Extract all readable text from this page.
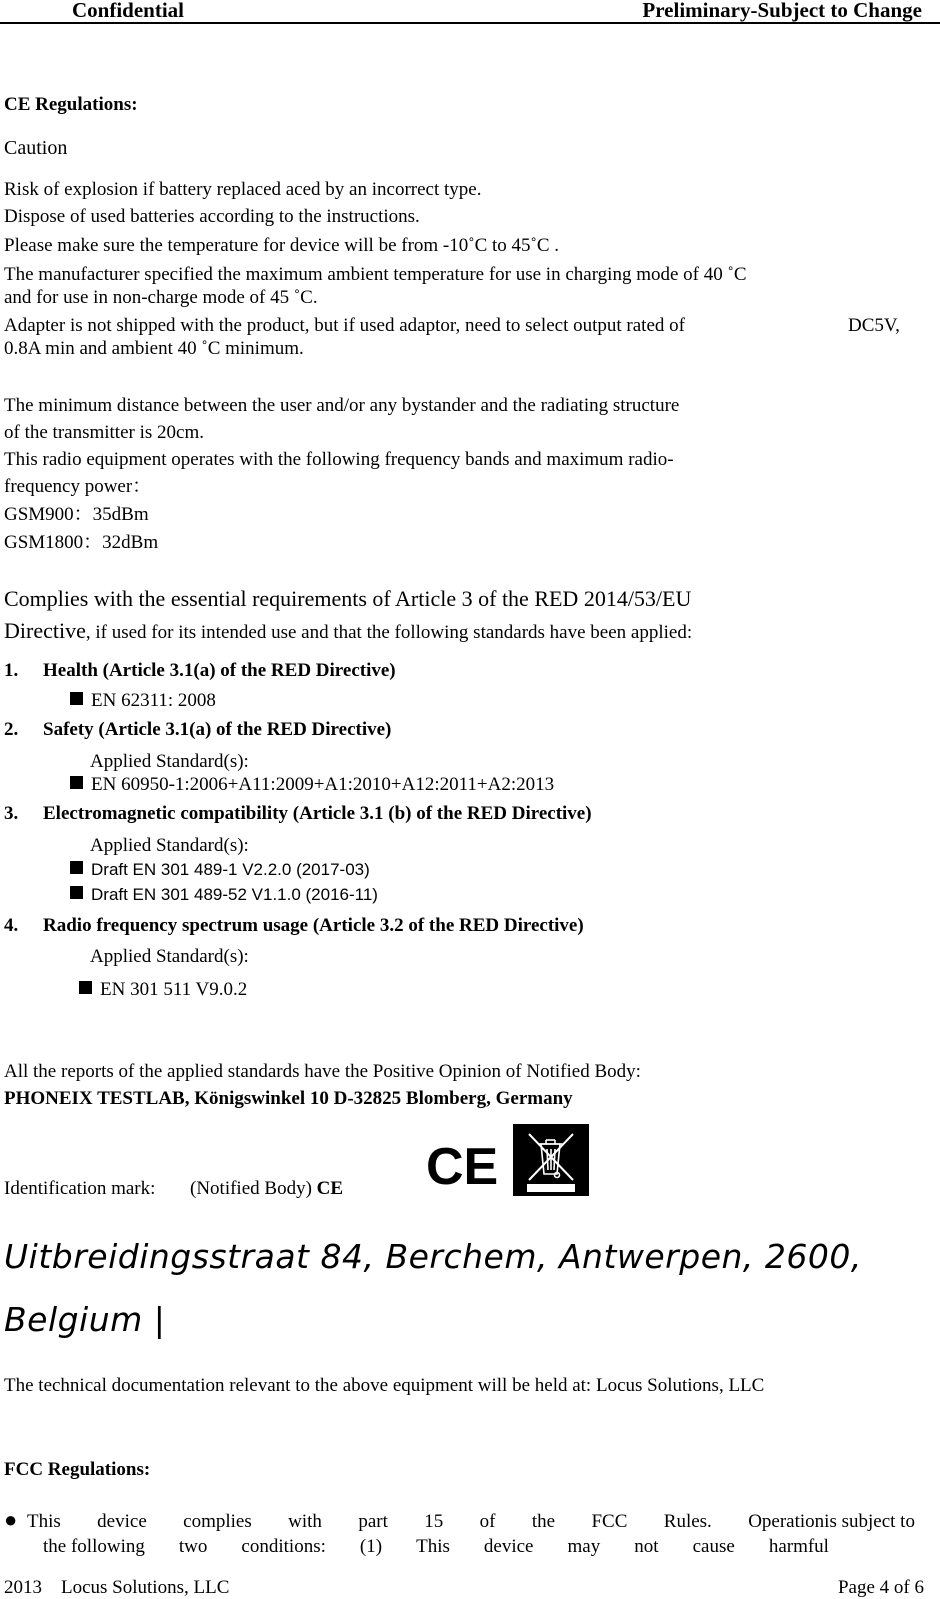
Confidential	Preliminary-Subject to Change
CE Regulations:
Caution
Risk of explosion if battery replaced aced by an incorrect type.
Dispose of used batteries according to the instructions.
Please make sure the temperature for device will be from -10˚C to 45˚C .
The manufacturer specified the maximum ambient temperature for use in charging mode of 40 ˚C
and for use in non-charge mode of 45 ˚C.
Adapter is not shipped with the product, but if used adaptor, need to select output rated of	DC5V,
0.8A min and ambient 40 ˚C minimum.
The minimum distance between the user and/or any bystander and the radiating structure
of the transmitter is 20cm.
This radio equipment operates with the following frequency bands and maximum radio-
frequency power：
GSM900：35dBm
GSM1800：32dBm
Complies with the essential requirements of Article 3 of the RED 2014/53/EU
Directive, if used for its intended use and that the following standards have been applied:
1. Health (Article 3.1(a) of the RED Directive)
EN 62311: 2008
2. Safety (Article 3.1(a) of the RED Directive)
Applied Standard(s):
EN 60950-1:2006+A11:2009+A1:2010+A12:2011+A2:2013
3. Electromagnetic compatibility (Article 3.1 (b) of the RED Directive)
Applied Standard(s):
Draft EN 301 489-1 V2.2.0 (2017-03)
Draft EN 301 489-52 V1.1.0 (2016-11)
4. Radio frequency spectrum usage (Article 3.2 of the RED Directive)
Applied Standard(s):
EN 301 511 V9.0.2
All the reports of the applied standards have the Positive Opinion of Notified Body:
PHONEIX TESTLAB, Königswinkel 10 D-32825 Blomberg, Germany
Identification mark: (Notified Body) CE CE
Uitbreidingsstraat 84, Berchem, Antwerpen, 2600,
Belgium |
The technical documentation relevant to the above equipment will be held at: Locus Solutions, LLC
FCC Regulations:
● This device complies with part 15 of the FCC Rules. Operationis subject to
the following two conditions: (1) This device may not cause harmful
2013    Locus Solutions, LLC	Page 4 of 6
